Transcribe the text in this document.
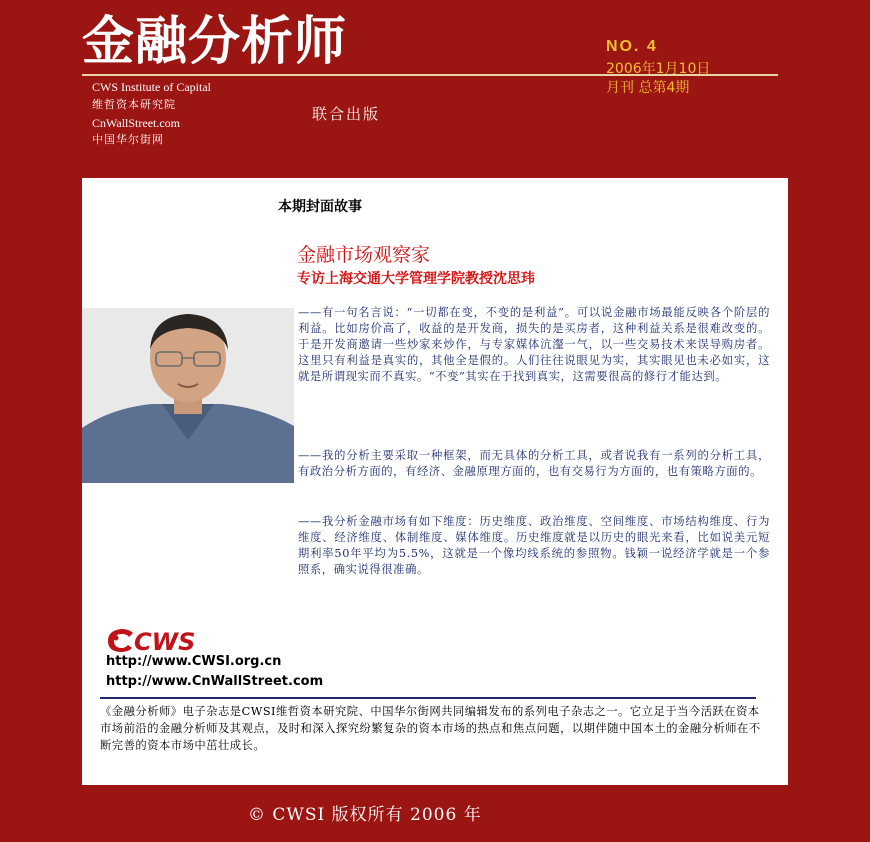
金融分析师
CWS Institute of Capital
维哲资本研究院
CnWallStreet.com
中国华尔街网
联合出版
NO. 4
2006年1月10日
月刊 总第4期
本期封面故事
金融市场观察家
专访上海交通大学管理学院教授沈思玮

——有一句名言说：“一切都在变，不变的是利益”。可以说金融市场最能反映各个阶层的利益。比如房价高了，收益的是开发商，损失的是买房者，这种利益关系是很难改变的。于是开发商邀请一些炒家来炒作，与专家媒体沆瀣一气，以一些交易技术来误导购房者。这里只有利益是真实的，其他全是假的。人们往往说眼见为实，其实眼见也未必如实，这就是所谓现实而不真实。“不变”其实在于找到真实，这需要很高的修行才能达到。

——我的分析主要采取一种框架，而无具体的分析工具，或者说我有一系列的分析工具，有政治分析方面的，有经济、金融原理方面的，也有交易行为方面的，也有策略方面的。

——我分析金融市场有如下维度：历史维度、政治维度、空间维度、市场结构维度、行为维度、经济维度、体制维度、媒体维度。历史维度就是以历史的眼光来看，比如说美元短期利率50年平均为5.5%，这就是一个像均线系统的参照物。钱颖一说经济学就是一个参照系，确实说得很准确。

CWS
http://www.CWSI.org.cn
http://www.CnWallStreet.com

《金融分析师》电子杂志是CWSI维哲资本研究院、中国华尔街网共同编辑发布的系列电子杂志之一。它立足于当今活跃在资本市场前沿的金融分析师及其观点，及时和深入探究纷繁复杂的资本市场的热点和焦点问题，以期伴随中国本土的金融分析师在不断完善的资本市场中茁壮成长。

© CWSI 版权所有 2006 年
